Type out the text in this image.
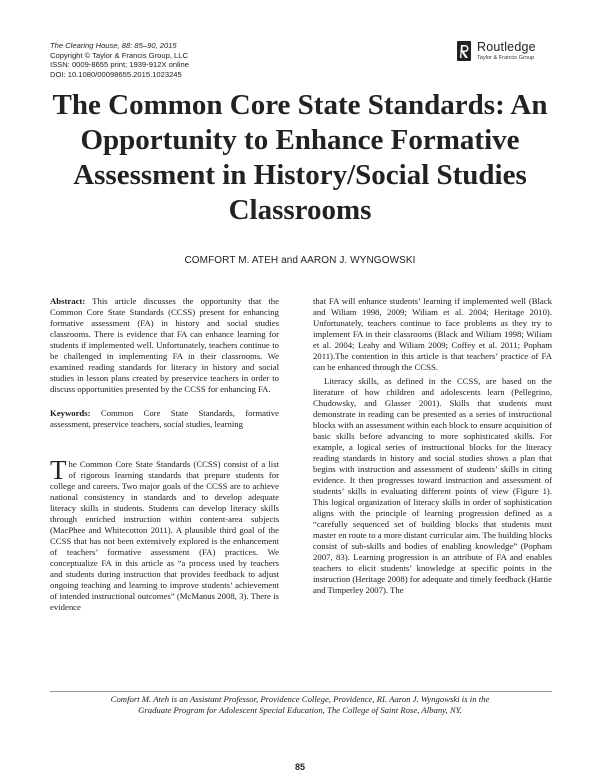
The Clearing House, 88: 85–90, 2015
Copyright © Taylor & Francis Group, LLC
ISSN: 0009-8655 print; 1939-912X online
DOI: 10.1080/00098655.2015.1023245
Routledge
Taylor & Francis Group
The Common Core State Standards: An Opportunity to Enhance Formative Assessment in History/Social Studies Classrooms
COMFORT M. ATEH and AARON J. WYNGOWSKI

Abstract: This article discusses the opportunity that the Common Core State Standards (CCSS) present for enhancing formative assessment (FA) in history and social studies classrooms. There is evidence that FA can enhance learning for students if implemented well. Unfortunately, teachers continue to be challenged in implementing FA in their classrooms. We examined reading standards for literacy in history and social studies in lesson plans created by preservice teachers in order to discuss opportunities presented by the CCSS for enhancing FA.

Keywords: Common Core State Standards, formative assessment, preservice teachers, social studies, learning

The Common Core State Standards (CCSS) consist of a list of rigorous learning standards that prepare students for college and careers. Two major goals of the CCSS are to achieve national consistency in standards and to develop adequate literacy skills in students. Students can develop literacy skills through enriched instruction within content-area subjects (MacPhee and Whitecotton 2011). A plausible third goal of the CCSS that has not been extensively explored is the enhancement of teachers’ formative assessment (FA) practices. We conceptualize FA in this article as “a process used by teachers and students during instruction that provides feedback to adjust ongoing teaching and learning to improve students’ achievement of intended instructional outcomes” (McManus 2008, 3). There is evidence

that FA will enhance students’ learning if implemented well (Black and Wiliam 1998, 2009; Wiliam et al. 2004; Heritage 2010). Unfortunately, teachers continue to face problems as they try to implement FA in their classrooms (Black and Wiliam 1998; Wiliam et al. 2004; Leahy and Wiliam 2009; Coffey et al. 2011; Popham 2011).The contention in this article is that teachers’ practice of FA can be enhanced through the CCSS.

Literacy skills, as defined in the CCSS, are based on the literature of how children and adolescents learn (Pellegrino, Chudowsky, and Glasser 2001). Skills that students must demonstrate in reading can be presented as a series of instructional blocks with an assessment within each block to ensure acquisition of basic skills before advancing to more sophisticated skills. For example, a logical series of instructional blocks for the literacy reading standards in history and social studies shows a plan that begins with instruction and assessment of students’ skills in citing evidence. It then progresses toward instruction and assessment of students’ skills in evaluating different points of view (Figure 1). This logical organization of literacy skills in order of sophistication aligns with the principle of learning progression defined as a “carefully sequenced set of building blocks that students must master en route to a more distant curricular aim. The building blocks consist of sub-skills and bodies of enabling knowledge” (Popham 2007, 83). Learning progression is an attribute of FA and enables teachers to elicit students’ knowledge at specific points in the instruction (Heritage 2008) for adequate and timely feedback (Hattie and Timperley 2007). The

Comfort M. Ateh is an Assistant Professor, Providence College, Providence, RI. Aaron J. Wyngowski is in the Graduate Program for Adolescent Special Education, The College of Saint Rose, Albany, NY.
85
